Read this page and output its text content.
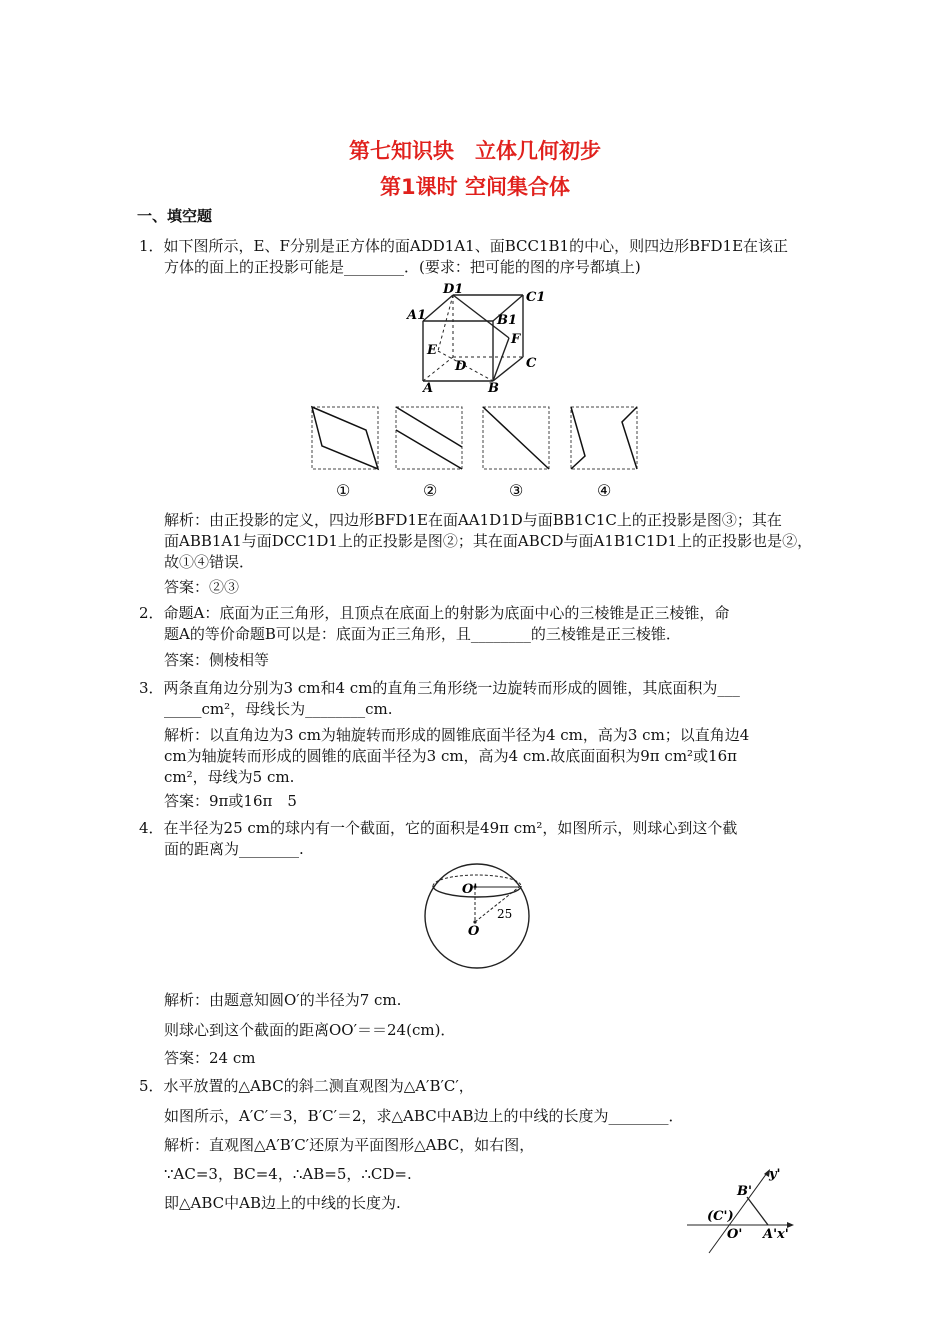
第七知识块　立体几何初步
第1课时 空间集合体
一、填空题
1．如下图所示，E、F分别是正方体的面ADD1A1、面BCC1B1的中心，则四边形BFD1E在该正
方体的面上的正投影可能是________．(要求：把可能的图的序号都填上)
D1
C1
A1	B1
E
F
D	C
A	B
①	②	③	④
解析：由正投影的定义，四边形BFD1E在面AA1D1D与面BB1C1C上的正投影是图③；其在
面ABB1A1与面DCC1D1上的正投影是图②；其在面ABCD与面A1B1C1D1上的正投影也是②，
故①④错误．
答案：②③
2．命题A：底面为正三角形，且顶点在底面上的射影为底面中心的三棱锥是正三棱锥，命
题A的等价命题B可以是：底面为正三角形，且________的三棱锥是正三棱锥．
答案：侧棱相等
3．两条直角边分别为3 cm和4 cm的直角三角形绕一边旋转而形成的圆锥，其底面积为___
_____cm²，母线长为________cm.
解析：以直角边为3 cm为轴旋转而形成的圆锥底面半径为4 cm，高为3 cm；以直角边4
cm为轴旋转而形成的圆锥的底面半径为3 cm，高为4 cm.故底面面积为9π cm²或16π
cm²，母线为5 cm.
答案：9π或16π　5
4．在半径为25 cm的球内有一个截面，它的面积是49π cm²，如图所示，则球心到这个截
面的距离为________.
O'
25
O
解析：由题意知圆O′的半径为7 cm.
则球心到这个截面的距离OO′＝＝24(cm)．
答案：24 cm
5．水平放置的△ABC的斜二测直观图为△A′B′C′，
如图所示，A′C′＝3，B′C′＝2，求△ABC中AB边上的中线的长度为________．
解析：直观图△A′B′C′还原为平面图形△ABC，如右图，
∵AC=3，BC=4，∴AB=5，∴CD=.
即△ABC中AB边上的中线的长度为.
y'
B'
(C')
O' A' x'
